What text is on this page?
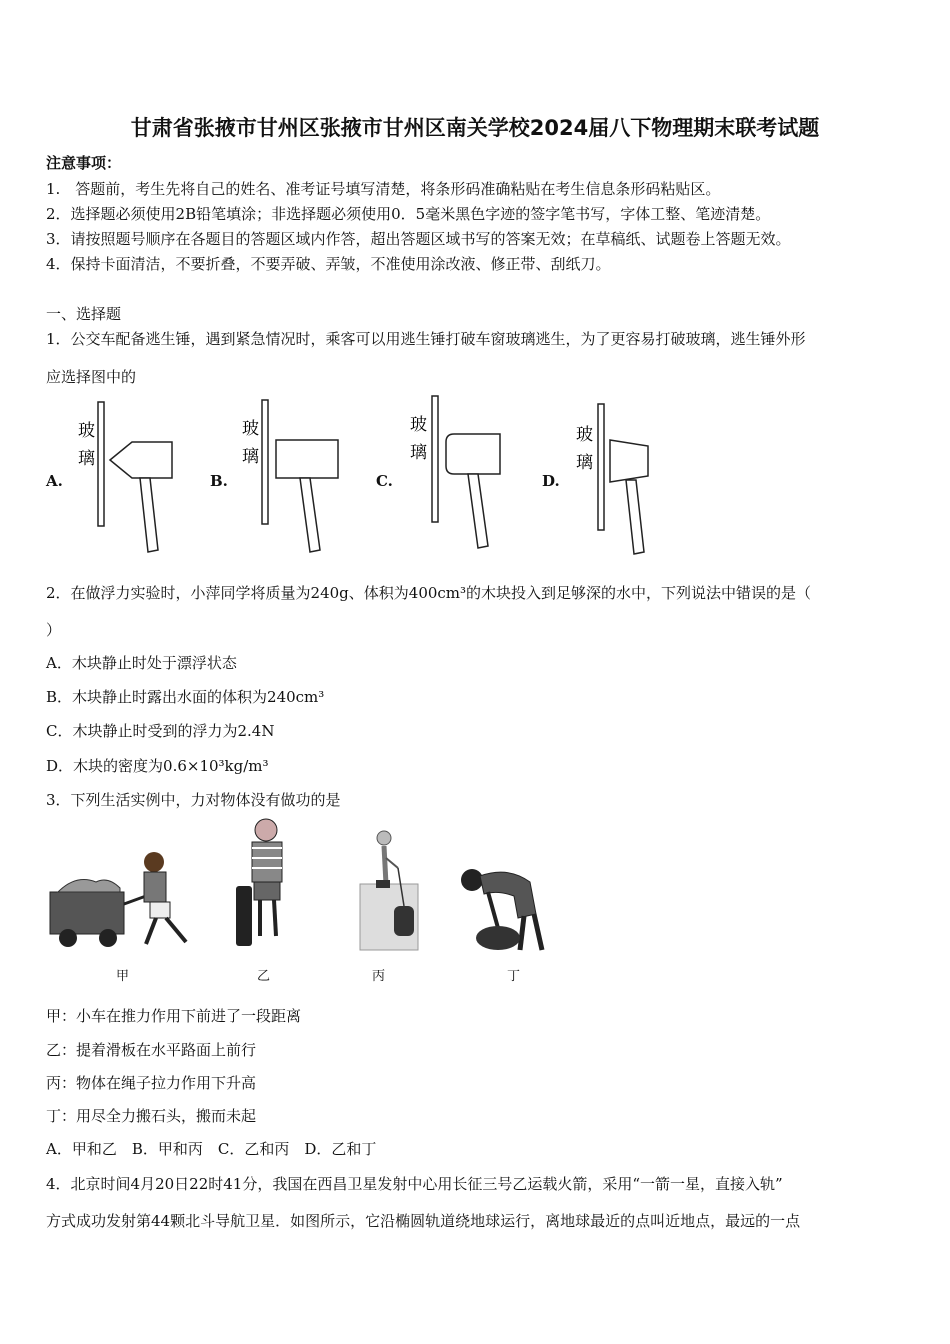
甘肃省张掖市甘州区张掖市甘州区南关学校2024届八下物理期末联考试题
注意事项：
1.　答题前，考生先将自己的姓名、准考证号填写清楚，将条形码准确粘贴在考生信息条形码粘贴区。
2．选择题必须使用2B铅笔填涂；非选择题必须使用0．5毫米黑色字迹的签字笔书写，字体工整、笔迹清楚。
3．请按照题号顺序在各题目的答题区域内作答，超出答题区域书写的答案无效；在草稿纸、试题卷上答题无效。
4．保持卡面清洁，不要折叠，不要弄破、弄皱，不准使用涂改液、修正带、刮纸刀。
一、选择题
1．公交车配备逃生锤，遇到紧急情况时，乘客可以用逃生锤打破车窗玻璃逃生，为了更容易打破玻璃，逃生锤外形
应选择图中的
A.	B.	C.	D.
玻
璃
玻
璃
玻
璃
玻
璃
2．在做浮力实验时，小萍同学将质量为240g、体积为400cm³的木块投入到足够深的水中，下列说法中错误的是（
）
A．木块静止时处于漂浮状态
B．木块静止时露出水面的体积为240cm³
C．木块静止时受到的浮力为2.4N
D．木块的密度为0.6×10³kg/m³
3．下列生活实例中，力对物体没有做功的是
甲	乙	丙	丁
甲：小车在推力作用下前进了一段距离
乙：提着滑板在水平路面上前行
丙：物体在绳子拉力作用下升高
丁：用尽全力搬石头，搬而未起
A．甲和乙　B．甲和丙　C．乙和丙　D．乙和丁
4．北京时间4月20日22时41分，我国在西昌卫星发射中心用长征三号乙运载火箭，采用“一箭一星，直接入轨”
方式成功发射第44颗北斗导航卫星．如图所示，它沿椭圆轨道绕地球运行，离地球最近的点叫近地点，最远的一点
